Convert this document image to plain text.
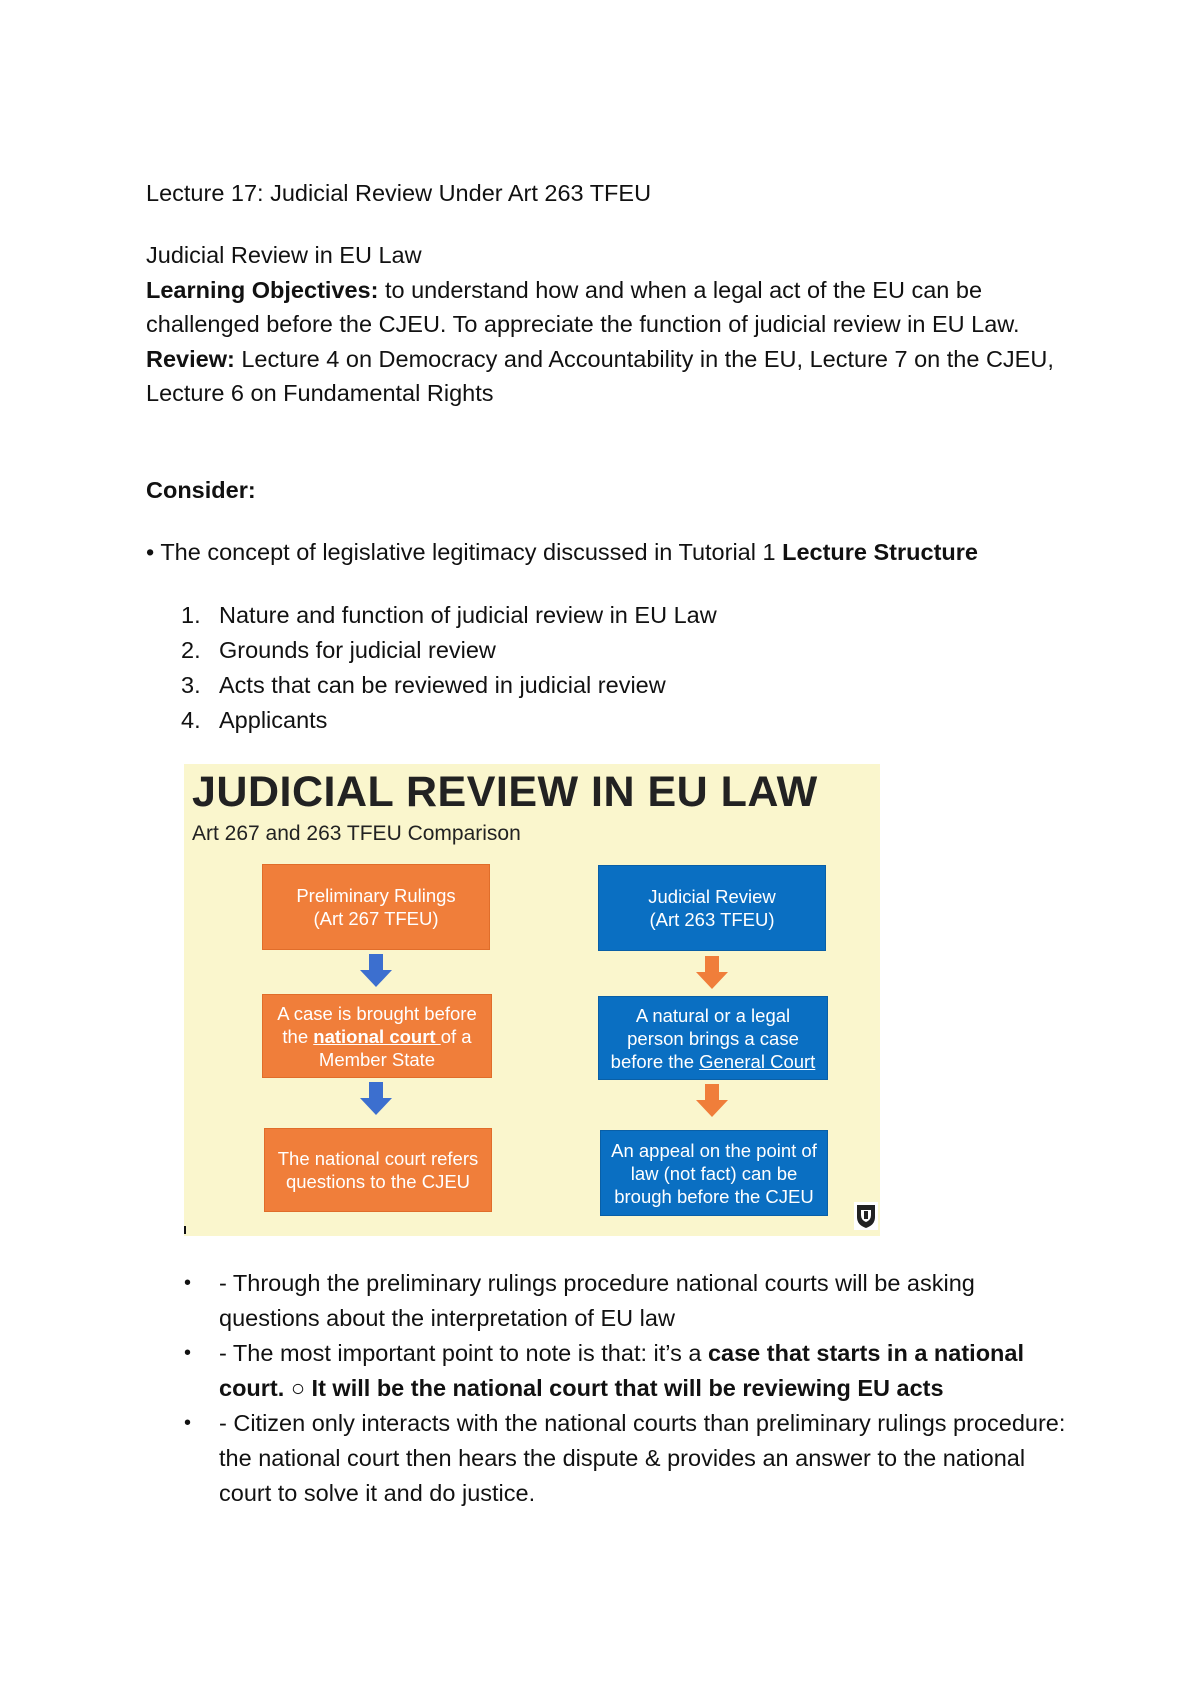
Lecture 17: Judicial Review Under Art 263 TFEU

Judicial Review in EU Law

Learning Objectives: to understand how and when a legal act of the EU can be challenged before the CJEU. To appreciate the function of judicial review in EU Law.

Review: Lecture 4 on Democracy and Accountability in the EU, Lecture 7 on the CJEU, Lecture 6 on Fundamental Rights

Consider:

• The concept of legislative legitimacy discussed in Tutorial 1 Lecture Structure

1. Nature and function of judicial review in EU Law
2. Grounds for judicial review
3. Acts that can be reviewed in judicial review
4. Applicants
JUDICIAL REVIEW IN EU LAW
Art 267 and 263 TFEU Comparison
Preliminary Rulings
(Art 267 TFEU)
A case is brought before the national court of a Member State
The national court refers questions to the CJEU
Judicial Review
(Art 263 TFEU)
A natural or a legal person brings a case before the General Court
An appeal on the point of law (not fact) can be brough before the CJEU
• - Through the preliminary rulings procedure national courts will be asking questions about the interpretation of EU law
• - The most important point to note is that: it’s a case that starts in a national court. ○ It will be the national court that will be reviewing EU acts
• - Citizen only interacts with the national courts than preliminary rulings procedure: the national court then hears the dispute & provides an answer to the national court to solve it and do justice.
